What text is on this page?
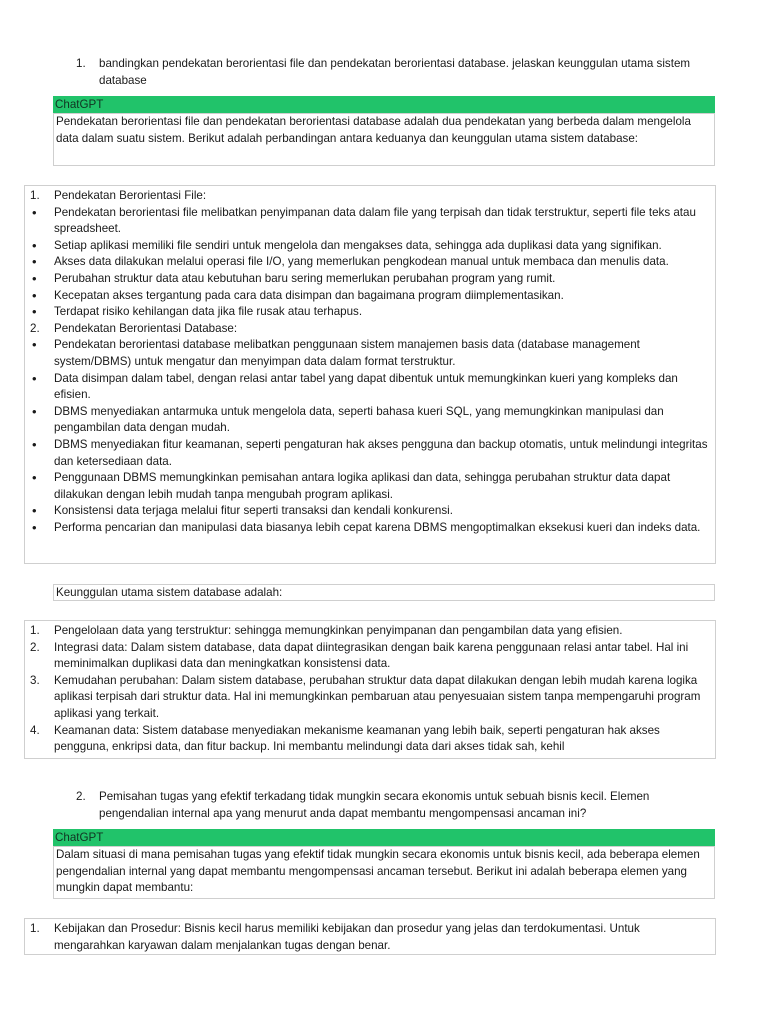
1. bandingkan pendekatan berorientasi file dan pendekatan berorientasi database. jelaskan keunggulan utama sistem database
ChatGPT
Pendekatan berorientasi file dan pendekatan berorientasi database adalah dua pendekatan yang berbeda dalam mengelola data dalam suatu sistem. Berikut adalah perbandingan antara keduanya dan keunggulan utama sistem database:
1. Pendekatan Berorientasi File:
• Pendekatan berorientasi file melibatkan penyimpanan data dalam file yang terpisah dan tidak terstruktur, seperti file teks atau spreadsheet.
• Setiap aplikasi memiliki file sendiri untuk mengelola dan mengakses data, sehingga ada duplikasi data yang signifikan.
• Akses data dilakukan melalui operasi file I/O, yang memerlukan pengkodean manual untuk membaca dan menulis data.
• Perubahan struktur data atau kebutuhan baru sering memerlukan perubahan program yang rumit.
• Kecepatan akses tergantung pada cara data disimpan dan bagaimana program diimplementasikan.
• Terdapat risiko kehilangan data jika file rusak atau terhapus.
2. Pendekatan Berorientasi Database:
• Pendekatan berorientasi database melibatkan penggunaan sistem manajemen basis data (database management system/DBMS) untuk mengatur dan menyimpan data dalam format terstruktur.
• Data disimpan dalam tabel, dengan relasi antar tabel yang dapat dibentuk untuk memungkinkan kueri yang kompleks dan efisien.
• DBMS menyediakan antarmuka untuk mengelola data, seperti bahasa kueri SQL, yang memungkinkan manipulasi dan pengambilan data dengan mudah.
• DBMS menyediakan fitur keamanan, seperti pengaturan hak akses pengguna dan backup otomatis, untuk melindungi integritas dan ketersediaan data.
• Penggunaan DBMS memungkinkan pemisahan antara logika aplikasi dan data, sehingga perubahan struktur data dapat dilakukan dengan lebih mudah tanpa mengubah program aplikasi.
• Konsistensi data terjaga melalui fitur seperti transaksi dan kendali konkurensi.
• Performa pencarian dan manipulasi data biasanya lebih cepat karena DBMS mengoptimalkan eksekusi kueri dan indeks data.
Keunggulan utama sistem database adalah:
1. Pengelolaan data yang terstruktur: sehingga memungkinkan penyimpanan dan pengambilan data yang efisien.
2. Integrasi data: Dalam sistem database, data dapat diintegrasikan dengan baik karena penggunaan relasi antar tabel. Hal ini meminimalkan duplikasi data dan meningkatkan konsistensi data.
3. Kemudahan perubahan: Dalam sistem database, perubahan struktur data dapat dilakukan dengan lebih mudah karena logika aplikasi terpisah dari struktur data. Hal ini memungkinkan pembaruan atau penyesuaian sistem tanpa mempengaruhi program aplikasi yang terkait.
4. Keamanan data: Sistem database menyediakan mekanisme keamanan yang lebih baik, seperti pengaturan hak akses pengguna, enkripsi data, dan fitur backup. Ini membantu melindungi data dari akses tidak sah, kehil
2. Pemisahan tugas yang efektif terkadang tidak mungkin secara ekonomis untuk sebuah bisnis kecil. Elemen pengendalian internal apa yang menurut anda dapat membantu mengompensasi ancaman ini?
ChatGPT
Dalam situasi di mana pemisahan tugas yang efektif tidak mungkin secara ekonomis untuk bisnis kecil, ada beberapa elemen pengendalian internal yang dapat membantu mengompensasi ancaman tersebut. Berikut ini adalah beberapa elemen yang mungkin dapat membantu:
1. Kebijakan dan Prosedur: Bisnis kecil harus memiliki kebijakan dan prosedur yang jelas dan terdokumentasi. Untuk mengarahkan karyawan dalam menjalankan tugas dengan benar.
